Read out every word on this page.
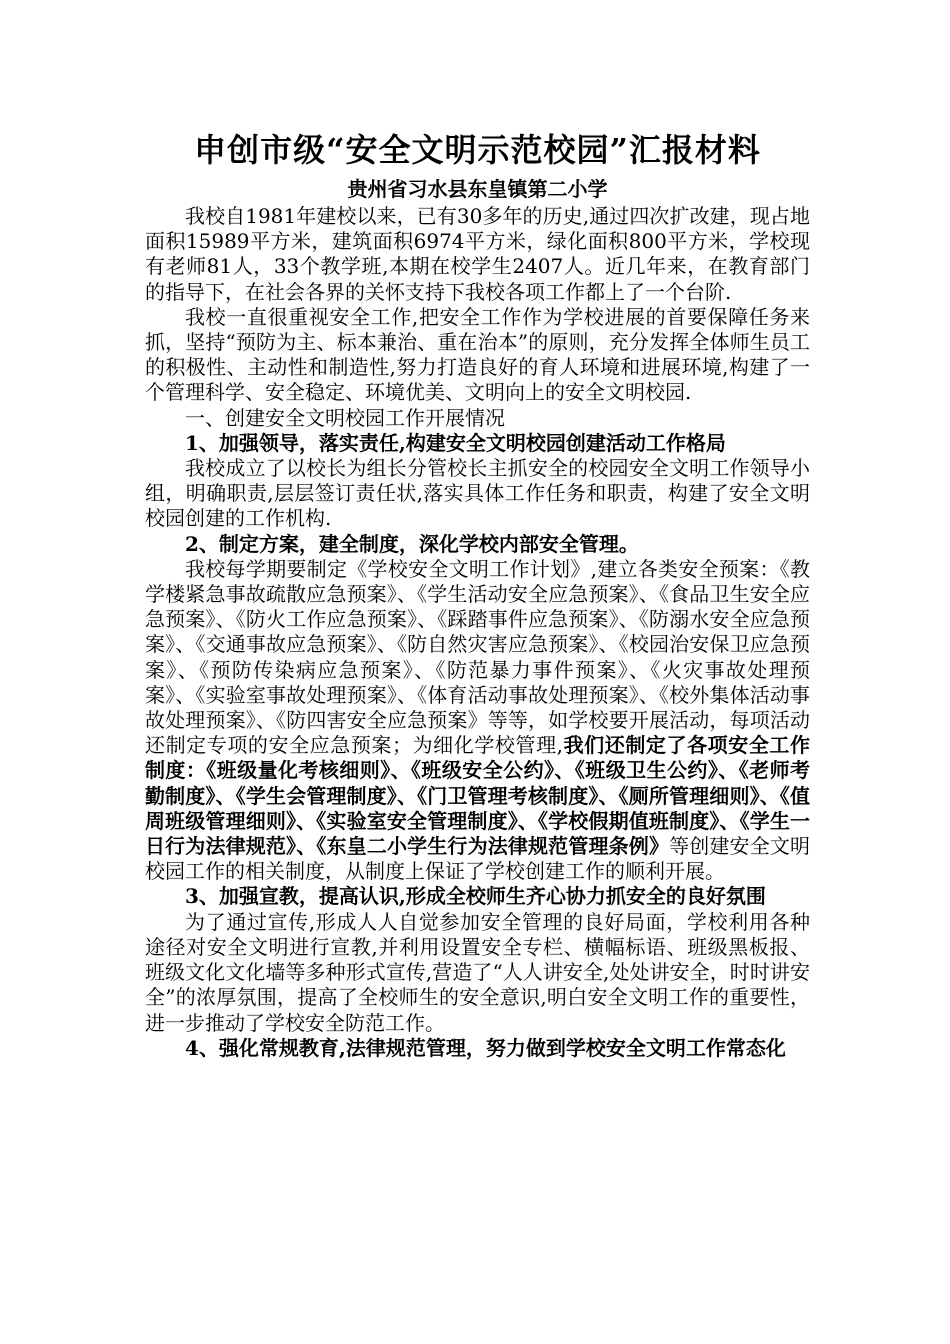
申创市级“安全文明示范校园”汇报材料
贵州省习水县东皇镇第二小学

我校自1981年建校以来，已有30多年的历史,通过四次扩改建，现占地面积15989平方米，建筑面积6974平方米，绿化面积800平方米，学校现有老师81人，33个教学班,本期在校学生2407人。近几年来，在教育部门的指导下，在社会各界的关怀支持下我校各项工作都上了一个台阶.

我校一直很重视安全工作,把安全工作作为学校进展的首要保障任务来抓，坚持“预防为主、标本兼治、重在治本”的原则，充分发挥全体师生员工的积极性、主动性和制造性,努力打造良好的育人环境和进展环境,构建了一个管理科学、安全稳定、环境优美、文明向上的安全文明校园.

一、创建安全文明校园工作开展情况

1、加强领导，落实责任,构建安全文明校园创建活动工作格局

我校成立了以校长为组长分管校长主抓安全的校园安全文明工作领导小组，明确职责,层层签订责任状,落实具体工作任务和职责，构建了安全文明校园创建的工作机构.

2、制定方案，建全制度，深化学校内部安全管理。

我校每学期要制定《学校安全文明工作计划》,建立各类安全预案：《教学楼紧急事故疏散应急预案》、《学生活动安全应急预案》、《食品卫生安全应急预案》、《防火工作应急预案》、《踩踏事件应急预案》、《防溺水安全应急预案》、《交通事故应急预案》、《防自然灾害应急预案》、《校园治安保卫应急预案》、《预防传染病应急预案》、《防范暴力事件预案》、《火灾事故处理预案》、《实验室事故处理预案》、《体育活动事故处理预案》、《校外集体活动事故处理预案》、《防四害安全应急预案》等等，如学校要开展活动，每项活动还制定专项的安全应急预案；为细化学校管理,我们还制定了各项安全工作制度：《班级量化考核细则》、《班级安全公约》、《班级卫生公约》、《老师考勤制度》、《学生会管理制度》、《门卫管理考核制度》、《厕所管理细则》、《值周班级管理细则》、《实验室安全管理制度》、《学校假期值班制度》、《学生一日行为法律规范》、《东皇二小学生行为法律规范管理条例》等创建安全文明校园工作的相关制度，从制度上保证了学校创建工作的顺利开展。

3、加强宣教，提高认识,形成全校师生齐心协力抓安全的良好氛围

为了通过宣传,形成人人自觉参加安全管理的良好局面，学校利用各种途径对安全文明进行宣教,并利用设置安全专栏、横幅标语、班级黑板报、班级文化文化墙等多种形式宣传,营造了“人人讲安全,处处讲安全，时时讲安全”的浓厚氛围，提高了全校师生的安全意识,明白安全文明工作的重要性，进一步推动了学校安全防范工作。

4、强化常规教育,法律规范管理，努力做到学校安全文明工作常态化
